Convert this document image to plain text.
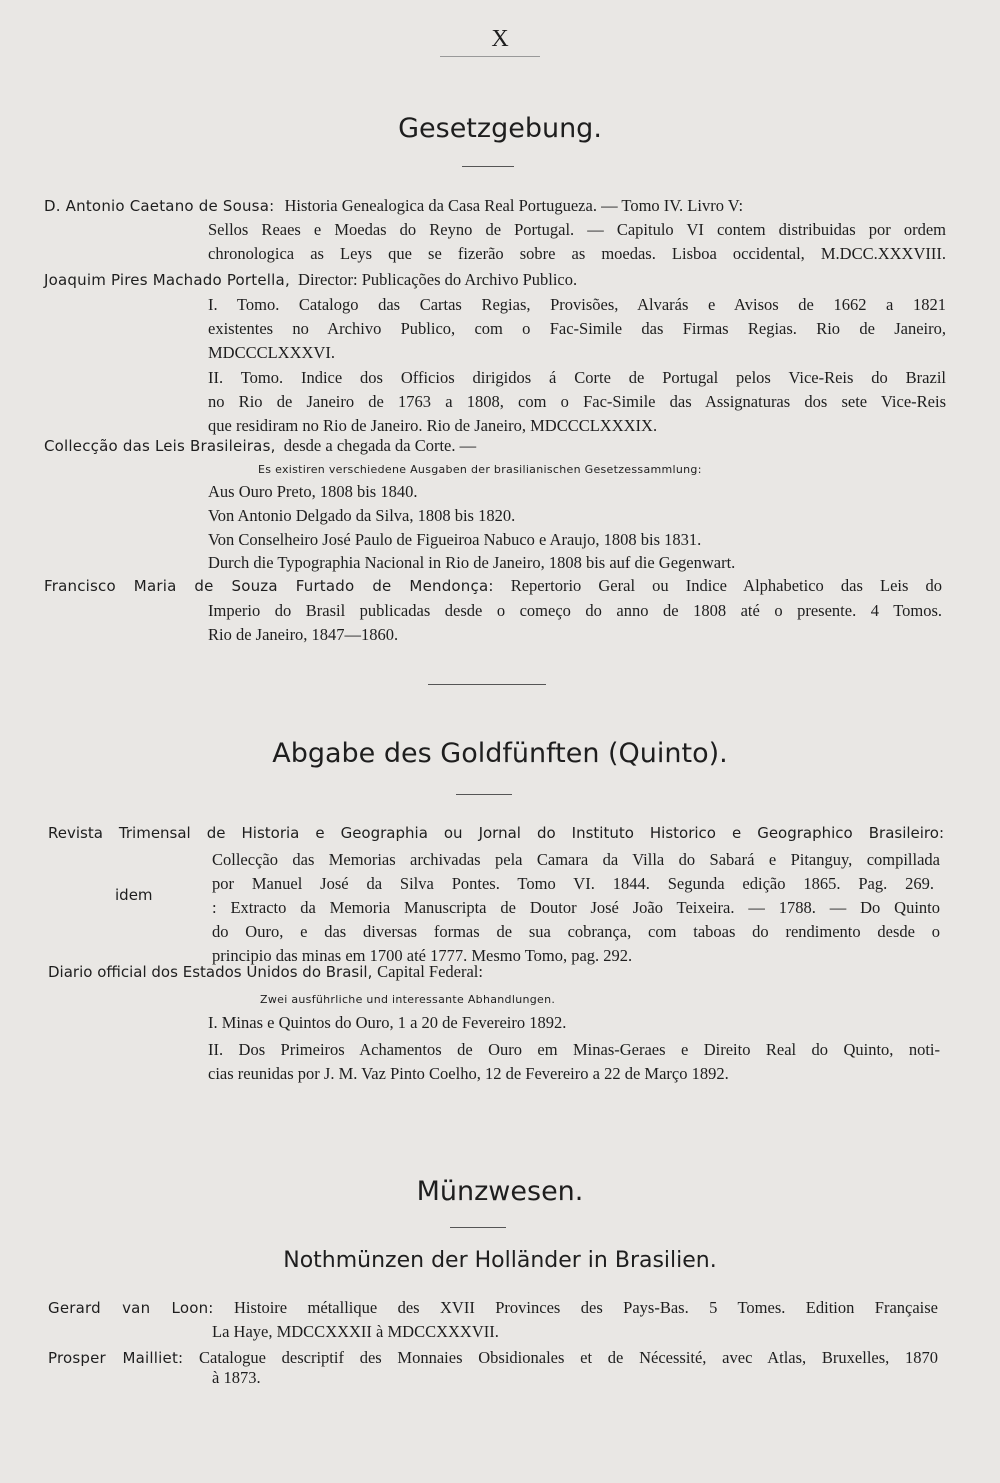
X
Gesetzgebung.
D. Antonio Caetano de Sousa: Historia Genealogica da Casa Real Portugueza. — Tomo IV. Livro V:
Sellos Reaes e Moedas do Reyno de Portugal. — Capitulo VI contem distribuidas por ordem
chronologica as Leys que se fizerão sobre as moedas. Lisboa occidental, M.DCC.XXXVIII.
Joaquim Pires Machado Portella, Director: Publicações do Archivo Publico.
I. Tomo. Catalogo das Cartas Regias, Provisões, Alvarás e Avisos de 1662 a 1821
existentes no Archivo Publico, com o Fac-Simile das Firmas Regias. Rio de Janeiro,
MDCCCLXXXVI.
II. Tomo. Indice dos Officios dirigidos á Corte de Portugal pelos Vice-Reis do Brazil
no Rio de Janeiro de 1763 a 1808, com o Fac-Simile das Assignaturas dos sete Vice-Reis
que residiram no Rio de Janeiro. Rio de Janeiro, MDCCCLXXXIX.
Collecção das Leis Brasileiras, desde a chegada da Corte. —
Es existiren verschiedene Ausgaben der brasilianischen Gesetzessammlung:
Aus Ouro Preto, 1808 bis 1840.
Von Antonio Delgado da Silva, 1808 bis 1820.
Von Conselheiro José Paulo de Figueiroa Nabuco e Araujo, 1808 bis 1831.
Durch die Typographia Nacional in Rio de Janeiro, 1808 bis auf die Gegenwart.
Francisco Maria de Souza Furtado de Mendonça: Repertorio Geral ou Indice Alphabetico das Leis do
Imperio do Brasil publicadas desde o começo do anno de 1808 até o presente. 4 Tomos.
Rio de Janeiro, 1847—1860.
Abgabe des Goldfünften (Quinto).
Revista Trimensal de Historia e Geographia ou Jornal do Instituto Historico e Geographico Brasileiro:
Collecção das Memorias archivadas pela Camara da Villa do Sabará e Pitanguy, compillada
por Manuel José da Silva Pontes. Tomo VI. 1844. Segunda edição 1865. Pag. 269.
idem
: Extracto da Memoria Manuscripta de Doutor José João Teixeira. — 1788. — Do Quinto
do Ouro, e das diversas formas de sua cobrança, com taboas do rendimento desde o
principio das minas em 1700 até 1777. Mesmo Tomo, pag. 292.
Diario official dos Estados Unidos do Brasil, Capital Federal:
Zwei ausführliche und interessante Abhandlungen.
I. Minas e Quintos do Ouro, 1 a 20 de Fevereiro 1892.
II. Dos Primeiros Achamentos de Ouro em Minas-Geraes e Direito Real do Quinto, noti-
cias reunidas por J. M. Vaz Pinto Coelho, 12 de Fevereiro a 22 de Março 1892.
Münzwesen.
Nothmünzen der Holländer in Brasilien.
Gerard van Loon: Histoire métallique des XVII Provinces des Pays-Bas. 5 Tomes. Edition Française
La Haye, MDCCXXXII à MDCCXXXVII.
Prosper Mailliet: Catalogue descriptif des Monnaies Obsidionales et de Nécessité, avec Atlas, Bruxelles, 1870
à 1873.
